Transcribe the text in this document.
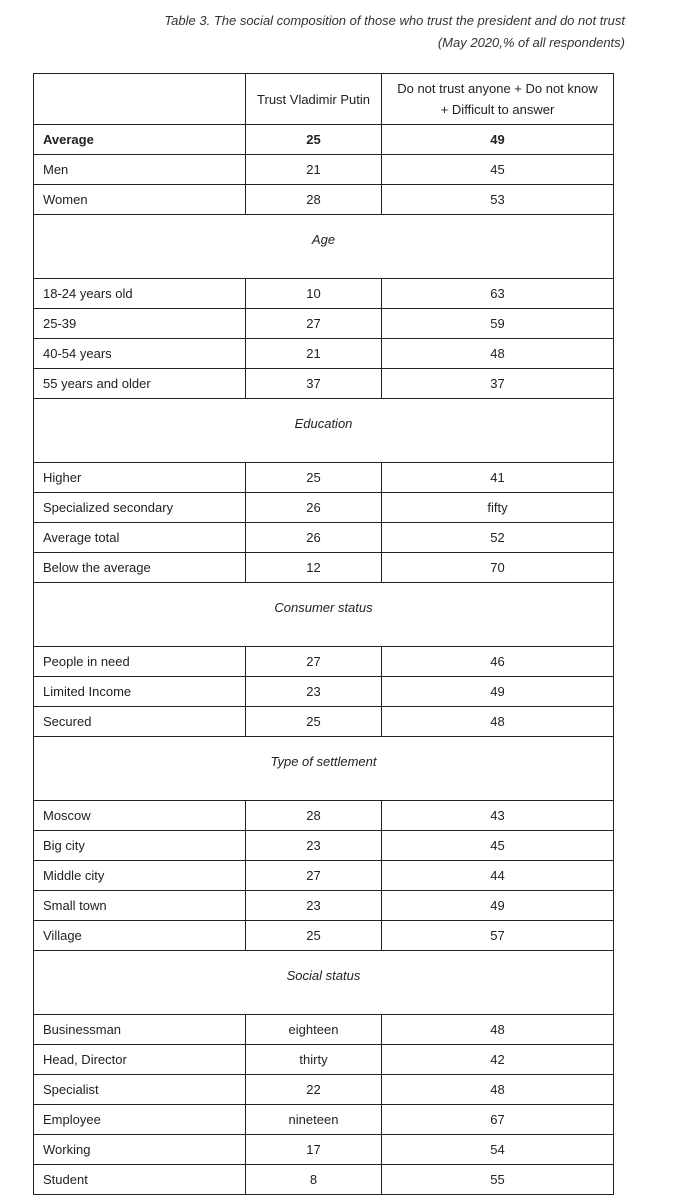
Table 3. The social composition of those who trust the president and do not trust
(May 2020,% of all respondents)
	Trust Vladimir Putin	Do not trust anyone + Do not know
+ Difficult to answer

Average	25	49
Men	21	45
Women	28	53
Age		
18-24 years old	10	63
25-39	27	59
40-54 years	21	48
55 years and older	37	37
Education		
Higher	25	41
Specialized secondary	26	fifty
Average total	26	52
Below the average	12	70
Consumer status		
People in need	27	46
Limited Income	23	49
Secured	25	48
Type of settlement		
Moscow	28	43
Big city	23	45
Middle city	27	44
Small town	23	49
Village	25	57
Social status		
Businessman	eighteen	48
Head, Director	thirty	42
Specialist	22	48
Employee	nineteen	67
Working	17	54
Student	8	55
